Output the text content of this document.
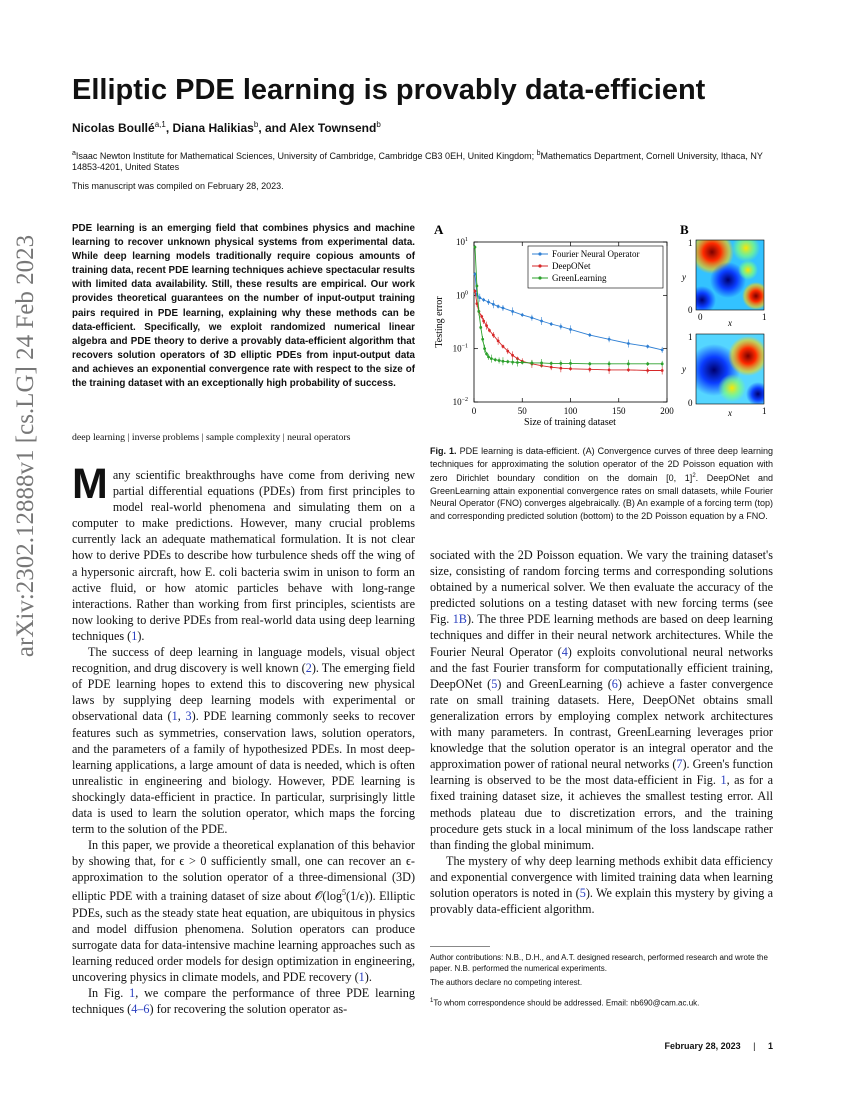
arXiv:2302.12888v1 [cs.LG] 24 Feb 2023
Elliptic PDE learning is provably data-efficient
Nicolas Boullé$^{a,1}$, Diana Halikias$^b$, and Alex Townsend$^b$
$^a$Isaac Newton Institute for Mathematical Sciences, University of Cambridge, Cambridge CB3 0EH, United Kingdom; $^b$Mathematics Department, Cornell University, Ithaca, NY 14853-4201, United States
This manuscript was compiled on February 28, 2023.
PDE learning is an emerging field that combines physics and machine learning to recover unknown physical systems from experimental data. While deep learning models traditionally require copious amounts of training data, recent PDE learning techniques achieve spectacular results with limited data availability. Still, these results are empirical. Our work provides theoretical guarantees on the number of input-output training pairs required in PDE learning, explaining why these methods can be data-efficient. Specifically, we exploit randomized numerical linear algebra and PDE theory to derive a provably data-efficient algorithm that recovers solution operators of 3D elliptic PDEs from input-output data and achieves an exponential convergence rate with respect to the size of the training dataset with an exceptionally high probability of success.
deep learning | inverse problems | sample complexity | neural operators

Many scientific breakthroughs have come from deriving new partial differential equations (PDEs) from first principles to model real-world phenomena and simulating them on a computer to make predictions. However, many crucial problems currently lack an adequate mathematical formulation. It is not clear how to derive PDEs to describe how turbulence sheds off the wing of a hypersonic aircraft, how E. coli bacteria swim in unison to form an active fluid, or how atomic particles behave with long-range interactions. Rather than working from first principles, scientists are now looking to derive PDEs from real-world data using deep learning techniques (1).

The success of deep learning in language models, visual object recognition, and drug discovery is well known (2). The emerging field of PDE learning hopes to extend this to discovering new physical laws by supplying deep learning models with experimental or observational data (1, 3). PDE learning commonly seeks to recover features such as symmetries, conservation laws, solution operators, and the parameters of a family of hypothesized PDEs. In most deep-learning applications, a large amount of data is needed, which is often unrealistic in engineering and biology. However, PDE learning is shockingly data-efficient in practice. In particular, surprisingly little data is used to learn the solution operator, which maps the forcing term to the solution of the PDE.

In this paper, we provide a theoretical explanation of this behavior by showing that, for ϵ > 0 sufficiently small, one can recover an ϵ-approximation to the solution operator of a three-dimensional (3D) elliptic PDE with a training dataset of size about $𝒪(\log^5(1/\epsilon))$. Elliptic PDEs, such as the steady state heat equation, are ubiquitous in physics and model diffusion phenomena. Solution operators can produce surrogate data for data-intensive machine learning approaches such as learning reduced order models for design optimization in engineering, uncovering physics in climate models, and PDE recovery (1).

In Fig. 1, we compare the performance of three PDE learning techniques (4–6) for recovering the solution operator as-

A
$10^1$
$10^0$
$10^{-1}$
$10^{-2}$
0	50	100	150	200
Testing error
Size of training dataset
Fourier Neural Operator
DeepONet
GreenLearning
B
1
0
y
0	1
x
1
0
y
1
x
Fig. 1. PDE learning is data-efficient. (A) Convergence curves of three deep learning techniques for approximating the solution operator of the 2D Poisson equation with zero Dirichlet boundary condition on the domain [0, 1]$^2$. DeepONet and GreenLearning attain exponential convergence rates on small datasets, while Fourier Neural Operator (FNO) converges algebraically. (B) An example of a forcing term (top) and corresponding predicted solution (bottom) to the 2D Poisson equation by a FNO.

sociated with the 2D Poisson equation. We vary the training dataset's size, consisting of random forcing terms and corresponding solutions obtained by a numerical solver. We then evaluate the accuracy of the predicted solutions on a testing dataset with new forcing terms (see Fig. 1B). The three PDE learning methods are based on deep learning techniques and differ in their neural network architectures. While the Fourier Neural Operator (4) exploits convolutional neural networks and the fast Fourier transform for computationally efficient training, DeepONet (5) and GreenLearning (6) achieve a faster convergence rate on small training datasets. Here, DeepONet obtains small generalization errors by employing complex network architectures with many parameters. In contrast, GreenLearning leverages prior knowledge that the solution operator is an integral operator and the approximation power of rational neural networks (7). Green's function learning is observed to be the most data-efficient in Fig. 1, as for a fixed training dataset size, it achieves the smallest testing error. All methods plateau due to discretization errors, and the training procedure gets stuck in a local minimum of the loss landscape rather than finding the global minimum.

The mystery of why deep learning methods exhibit data efficiency and exponential convergence with limited training data when learning solution operators is noted in (5). We explain this mystery by giving a provably data-efficient algorithm.

Author contributions: N.B., D.H., and A.T. designed research, performed research and wrote the paper. N.B. performed the numerical experiments.
The authors declare no competing interest.
$^1$To whom correspondence should be addressed. Email: nb690@cam.ac.uk.
February 28, 2023 | 1
